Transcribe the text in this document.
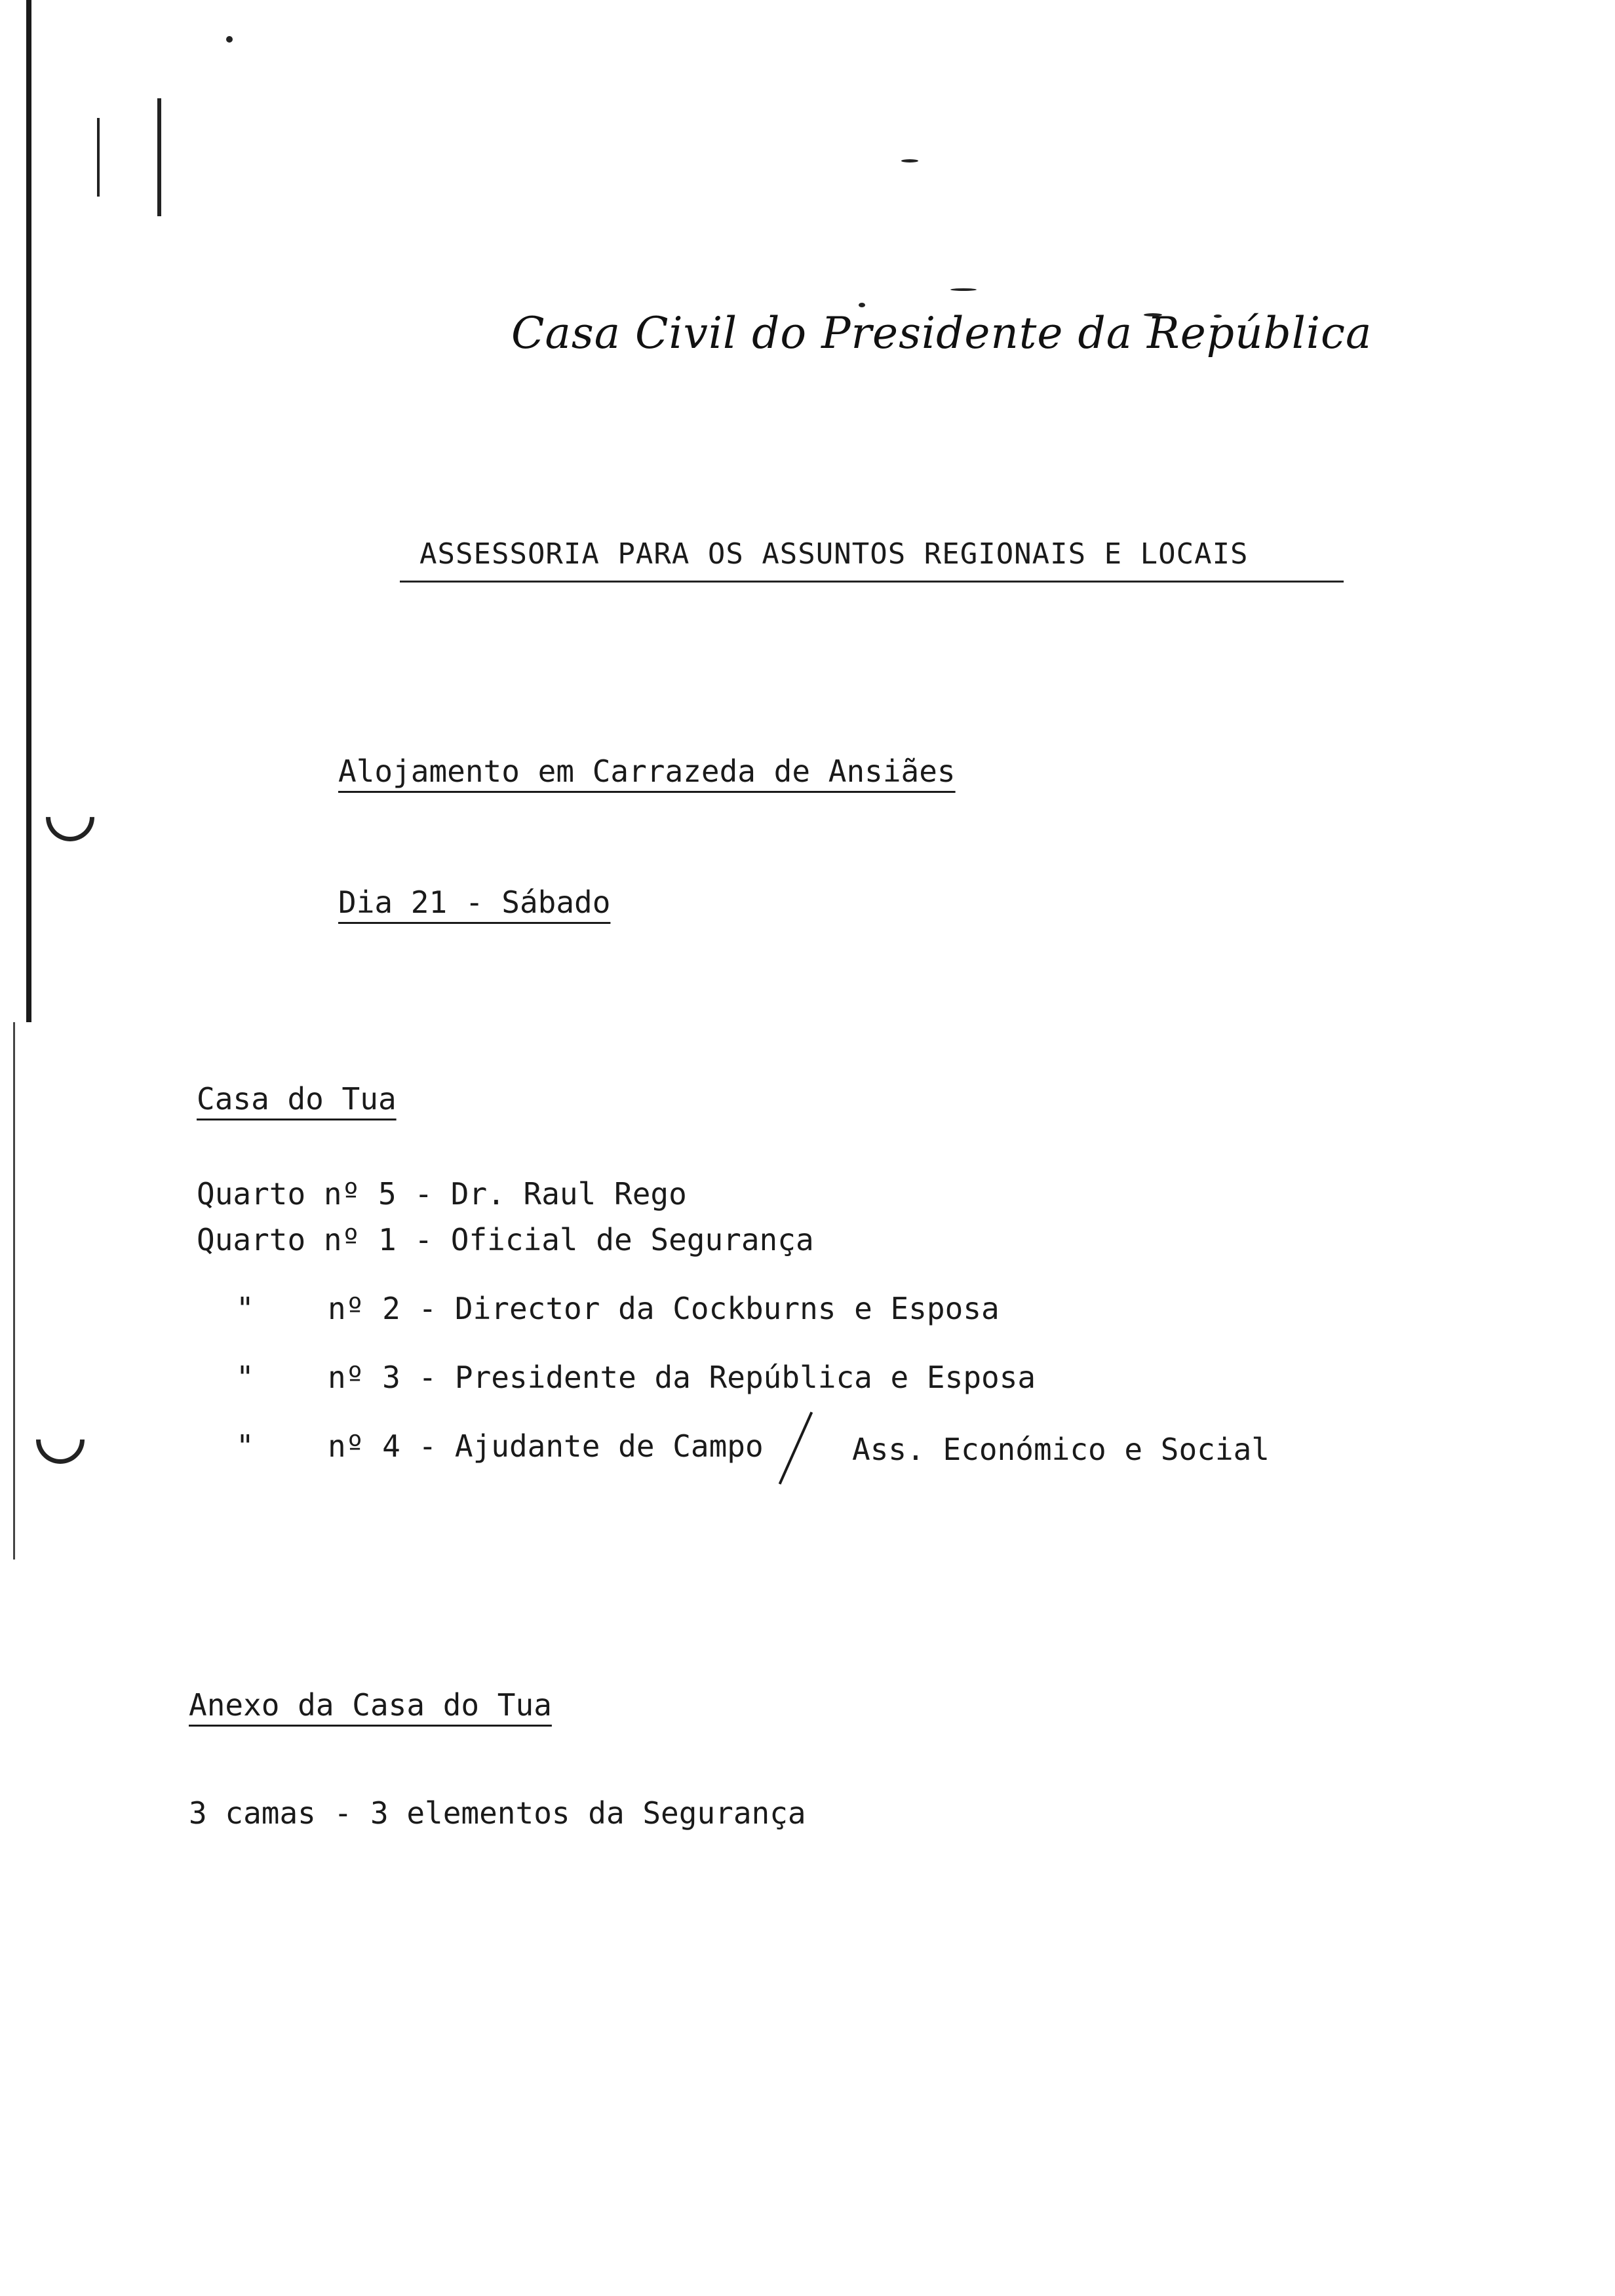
Casa Civil do Presidente da República
ASSESSORIA PARA OS ASSUNTOS REGIONAIS E LOCAIS
Alojamento em Carrazeda de Ansiães
Dia 21 - Sábado
Casa do Tua
Quarto nº 5 - Dr. Raul Rego
Quarto nº 1 - Oficial de Segurança
" nº 2 - Director da Cockburns e Esposa
" nº 3 - Presidente da República e Esposa
" nº 4 - Ajudante de Campo	Ass. Económico e Social
Anexo da Casa do Tua
3 camas - 3 elementos da Segurança
